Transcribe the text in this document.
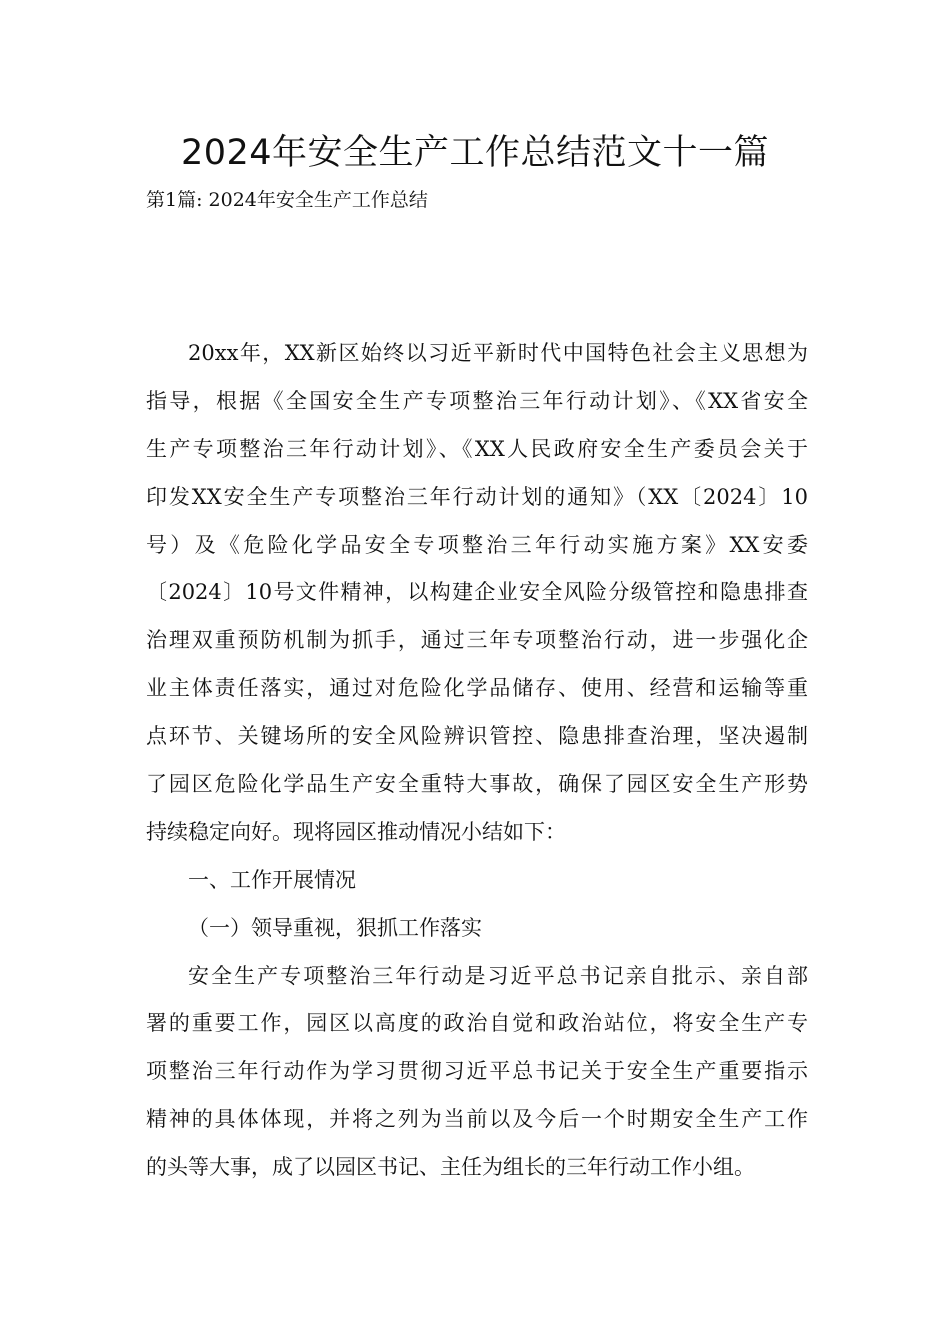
2024年安全生产工作总结范文十一篇
第1篇: 2024年安全生产工作总结
20xx年，XX新区始终以习近平新时代中国特色社会主义思想为
指导，根据《全国安全生产专项整治三年行动计划》、《XX省安全
生产专项整治三年行动计划》、《XX人民政府安全生产委员会关于
印发XX安全生产专项整治三年行动计划的通知》（XX〔2024〕10
号）及《危险化学品安全专项整治三年行动实施方案》XX安委
〔2024〕10号文件精神，以构建企业安全风险分级管控和隐患排查
治理双重预防机制为抓手，通过三年专项整治行动，进一步强化企
业主体责任落实，通过对危险化学品储存、使用、经营和运输等重
点环节、关键场所的安全风险辨识管控、隐患排查治理，坚决遏制
了园区危险化学品生产安全重特大事故，确保了园区安全生产形势
持续稳定向好。现将园区推动情况小结如下：
一、工作开展情况
（一）领导重视，狠抓工作落实
安全生产专项整治三年行动是习近平总书记亲自批示、亲自部
署的重要工作，园区以高度的政治自觉和政治站位，将安全生产专
项整治三年行动作为学习贯彻习近平总书记关于安全生产重要指示
精神的具体体现，并将之列为当前以及今后一个时期安全生产工作
的头等大事，成了以园区书记、主任为组长的三年行动工作小组。
